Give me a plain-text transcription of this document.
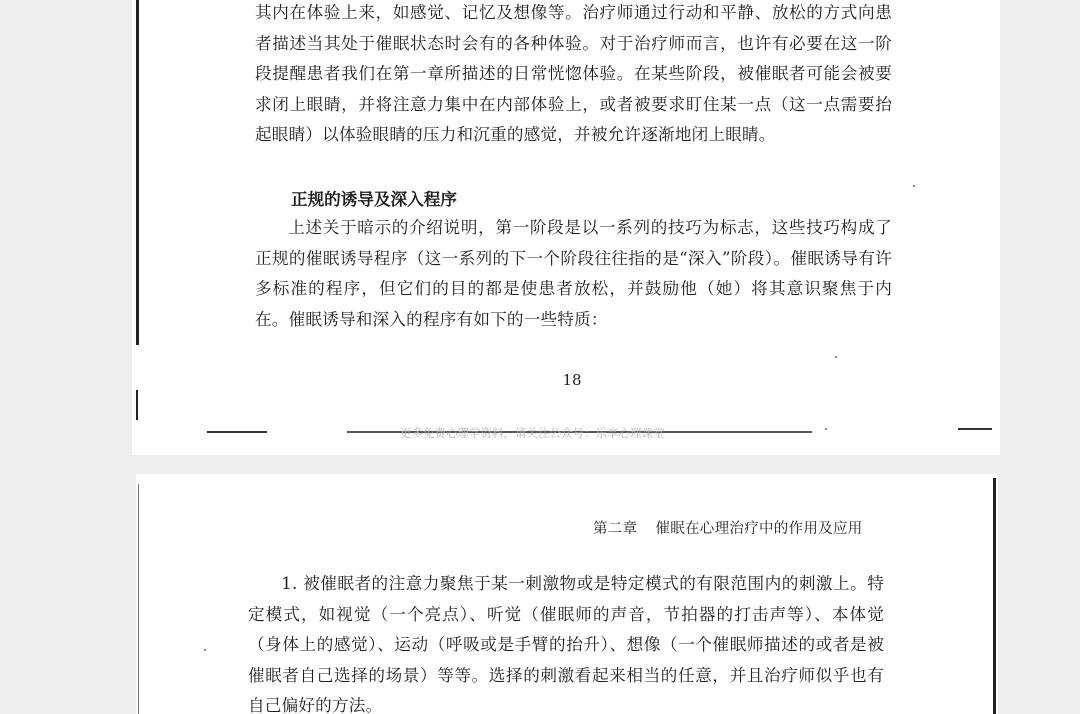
其内在体验上来，如感觉、记忆及想像等。治疗师通过行动和平静、放松的方式向患者描述当其处于催眠状态时会有的各种体验。对于治疗师而言，也许有必要在这一阶段提醒患者我们在第一章所描述的日常恍惚体验。在某些阶段，被催眠者可能会被要求闭上眼睛，并将注意力集中在内部体验上，或者被要求盯住某一点（这一点需要抬起眼睛）以体验眼睛的压力和沉重的感觉，并被允许逐渐地闭上眼睛。

正规的诱导及深入程序

上述关于暗示的介绍说明，第一阶段是以一系列的技巧为标志，这些技巧构成了正规的催眠诱导程序（这一系列的下一个阶段往往指的是“深入”阶段）。催眠诱导有许多标准的程序，但它们的目的都是使患者放松，并鼓励他（她）将其意识聚焦于内在。催眠诱导和深入的程序有如下的一些特质：

18
更多免费心理学资料，请关注公众号：乐享心理课堂
第二章 催眠在心理治疗中的作用及应用

1. 被催眠者的注意力聚焦于某一刺激物或是特定模式的有限范围内的刺激上。特定模式，如视觉（一个亮点）、听觉（催眠师的声音，节拍器的打击声等）、本体觉（身体上的感觉）、运动（呼吸或是手臂的抬升）、想像（一个催眠师描述的或者是被催眠者自己选择的场景）等等。选择的刺激看起来相当的任意，并且治疗师似乎也有自己偏好的方法。
